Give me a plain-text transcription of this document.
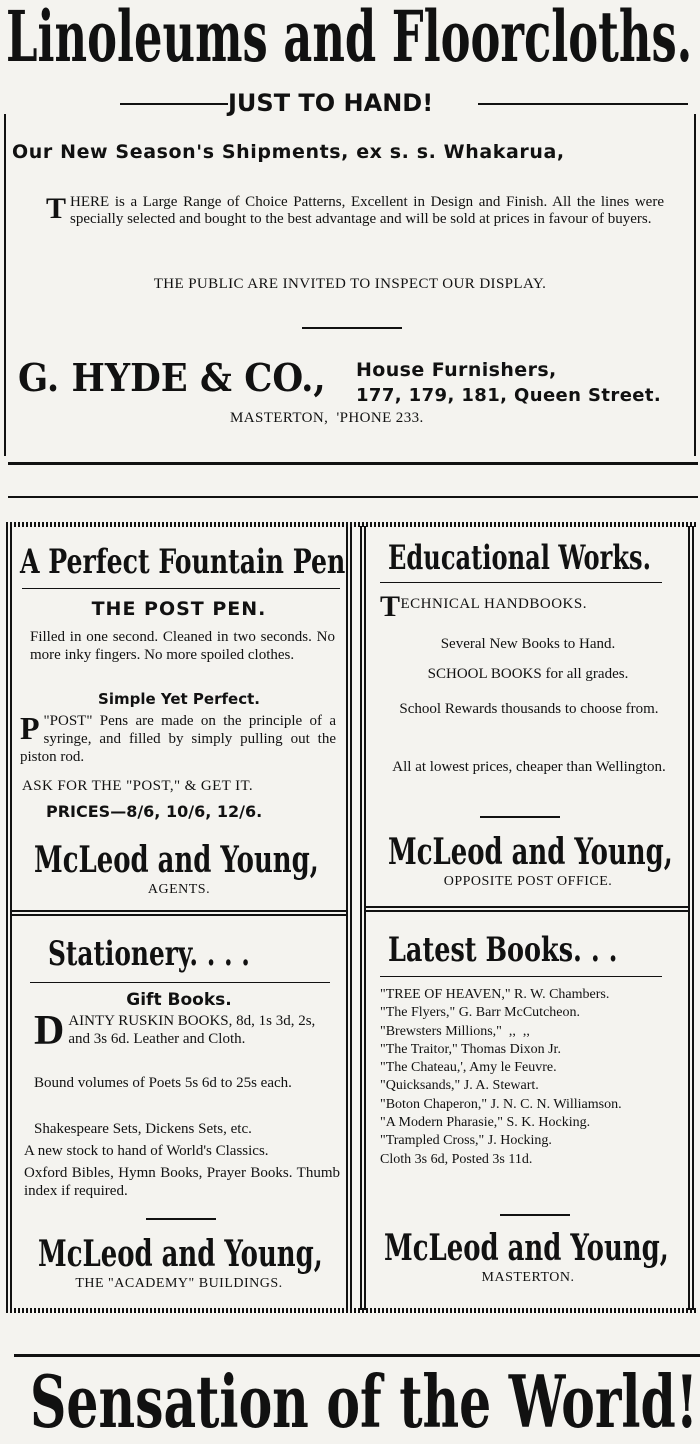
Linoleums and Floorcloths.
JUST TO HAND!
Our New Season's Shipments, ex s. s. Whakarua,
T HERE is a Large Range of Choice Patterns, Excellent in Design and Finish. All the lines were specially selected and bought to the best advantage and will be sold at prices in favour of buyers.
THE PUBLIC ARE INVITED TO INSPECT OUR DISPLAY.
G. HYDE & CO., House Furnishers,
177, 179, 181, Queen Street.
MASTERTON,  'PHONE 233.
A Perfect Fountain Pen
THE POST PEN.
Filled in one second. Cleaned in two seconds. No more inky fingers. No more spoiled clothes.
Simple Yet Perfect.
P "POST" Pens are made on the principle of a syringe, and filled by simply pulling out the piston rod.
ASK FOR THE "POST," & GET IT.
PRICES—8/6, 10/6, 12/6.
McLeod and Young,
AGENTS.
Educational Works.
TECHNICAL HANDBOOKS.
Several New Books to Hand.
SCHOOL BOOKS for all grades.
School Rewards thousands to choose from.
All at lowest prices, cheaper than Wellington.
McLeod and Young,
OPPOSITE POST OFFICE.
Stationery. . . .
Gift Books.
D AINTY RUSKIN BOOKS, 8d, 1s 3d, 2s, and 3s 6d. Leather and Cloth.
Bound volumes of Poets 5s 6d to 25s each.
Shakespeare Sets, Dickens Sets, etc.
A new stock to hand of World's Classics.
Oxford Bibles, Hymn Books, Prayer Books. Thumb index if required.
McLeod and Young,
THE "ACADEMY" BUILDINGS.
Latest Books. . .
"TREE OF HEAVEN," R. W. Chambers.
"The Flyers," G. Barr McCutcheon.
"Brewsters Millions,"  ,,  ,,
"The Traitor," Thomas Dixon Jr.
"The Chateau,', Amy le Feuvre.
"Quicksands," J. A. Stewart.
"Boton Chaperon," J. N. C. N. Williamson.
"A Modern Pharasie," S. K. Hocking.
"Trampled Cross," J. Hocking.
Cloth 3s 6d, Posted 3s 11d.
McLeod and Young,
MASTERTON.
Sensation of the World!
